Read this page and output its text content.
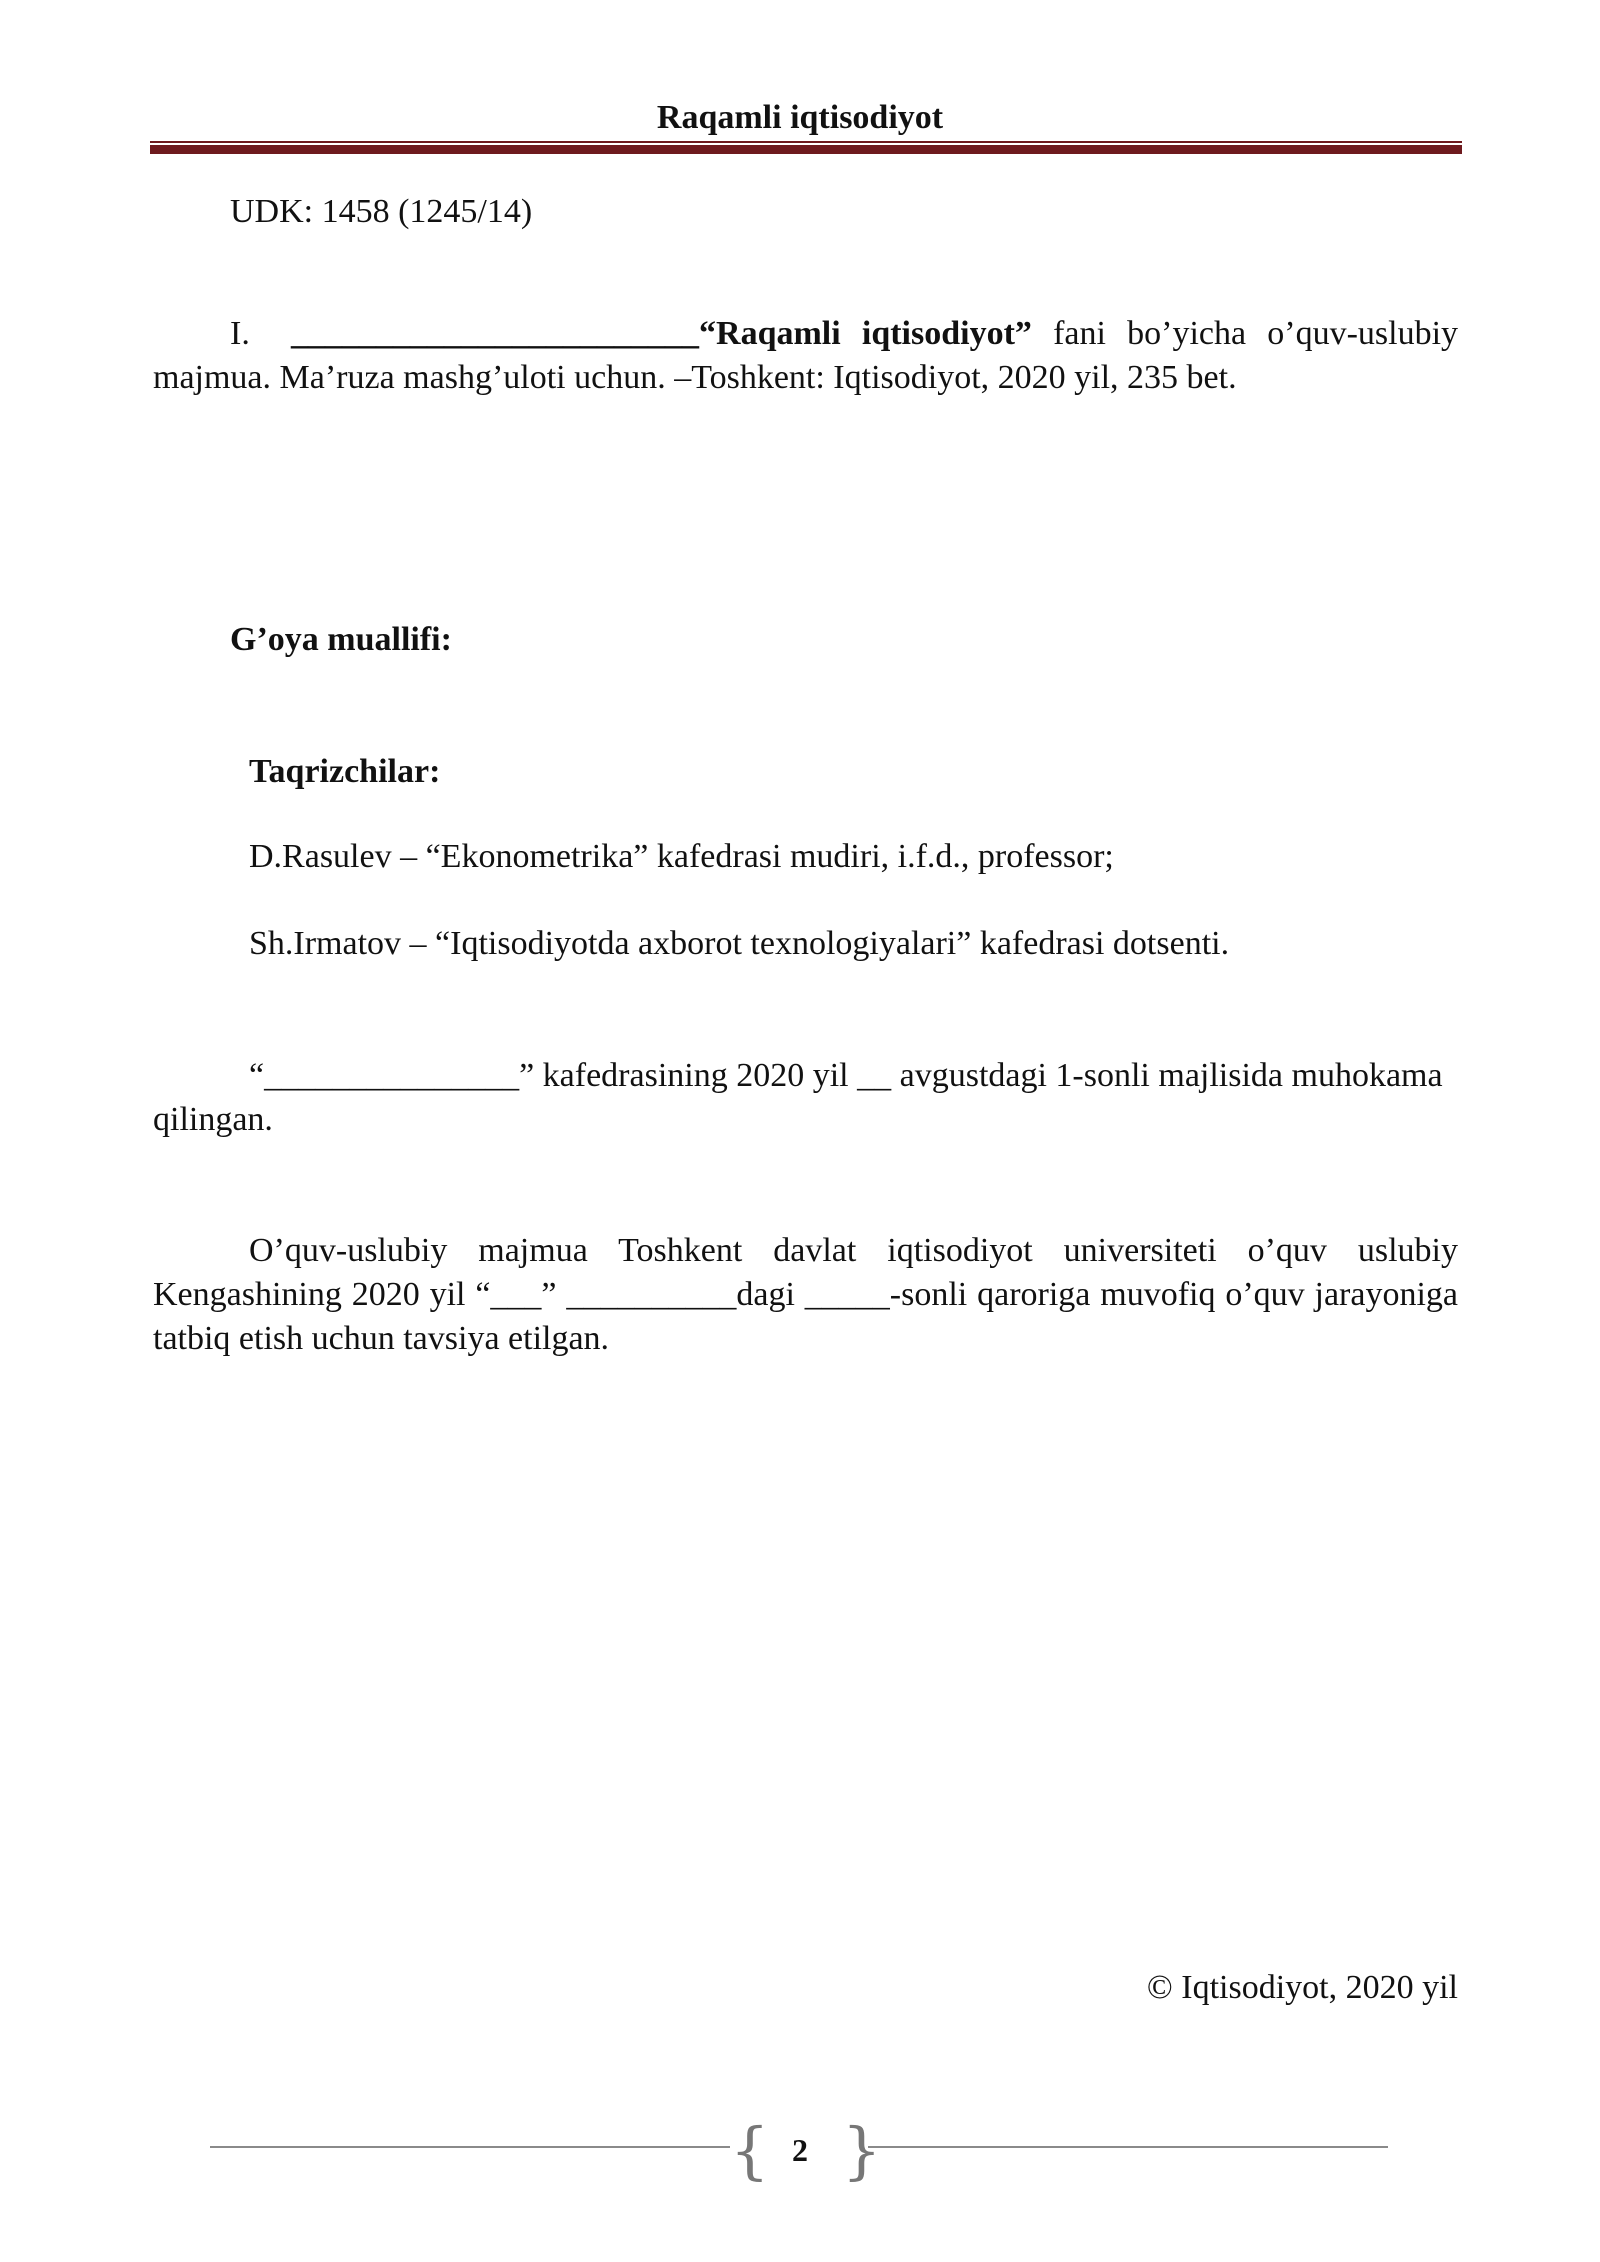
Raqamli iqtisodiyot
UDK: 1458 (1245/14)
I. ________________________“Raqamli iqtisodiyot” fani bo’yicha o’quv-uslubiy majmua. Ma’ruza mashg’uloti uchun. –Toshkent: Iqtisodiyot, 2020 yil, 235 bet.
G’oya muallifi:
Taqrizchilar:
D.Rasulev – “Ekonometrika” kafedrasi mudiri, i.f.d., professor;
Sh.Irmatov – “Iqtisodiyotda axborot texnologiyalari” kafedrasi dotsenti.
“_______________” kafedrasining 2020 yil __ avgustdagi 1-sonli majlisida muhokama qilingan.
O’quv-uslubiy majmua Toshkent davlat iqtisodiyot universiteti o’quv uslubiy Kengashining 2020 yil “___” __________dagi _____-sonli qaroriga muvofiq o’quv jarayoniga tatbiq etish uchun tavsiya etilgan.
© Iqtisodiyot, 2020 yil
{ }
2
